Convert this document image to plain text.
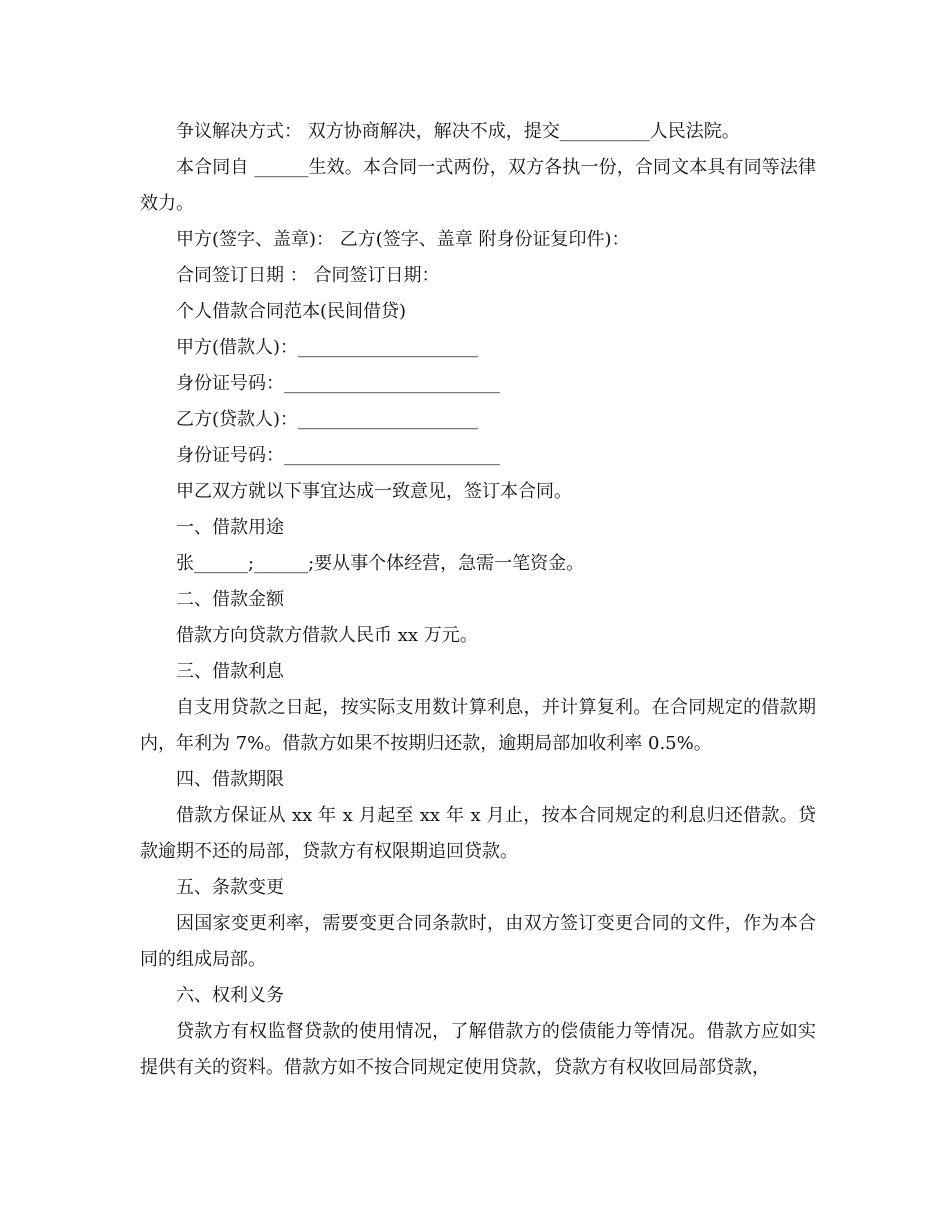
争议解决方式： 双方协商解决，解决不成，提交__________人民法院。

本合同自 ______生效。本合同一式两份，双方各执一份，合同文本具有同等法律效力。

甲方(签字、盖章)： 乙方(签字、盖章 附身份证复印件)：

合同签订日期 ： 合同签订日期：

个人借款合同范本(民间借贷)

甲方(借款人)：____________________

身份证号码：________________________

乙方(贷款人)：____________________

身份证号码：________________________

甲乙双方就以下事宜达成一致意见，签订本合同。

一、借款用途

张______;______;要从事个体经营，急需一笔资金。

二、借款金额

借款方向贷款方借款人民币 xx 万元。

三、借款利息

自支用贷款之日起，按实际支用数计算利息，并计算复利。在合同规定的借款期内，年利为 7%。借款方如果不按期归还款，逾期局部加收利率 0.5%。

四、借款期限

借款方保证从 xx 年 x 月起至 xx 年 x 月止，按本合同规定的利息归还借款。贷款逾期不还的局部，贷款方有权限期追回贷款。

五、条款变更

因国家变更利率，需要变更合同条款时，由双方签订变更合同的文件，作为本合同的组成局部。

六、权利义务

贷款方有权监督贷款的使用情况，了解借款方的偿债能力等情况。借款方应如实提供有关的资料。借款方如不按合同规定使用贷款，贷款方有权收回局部贷款，
